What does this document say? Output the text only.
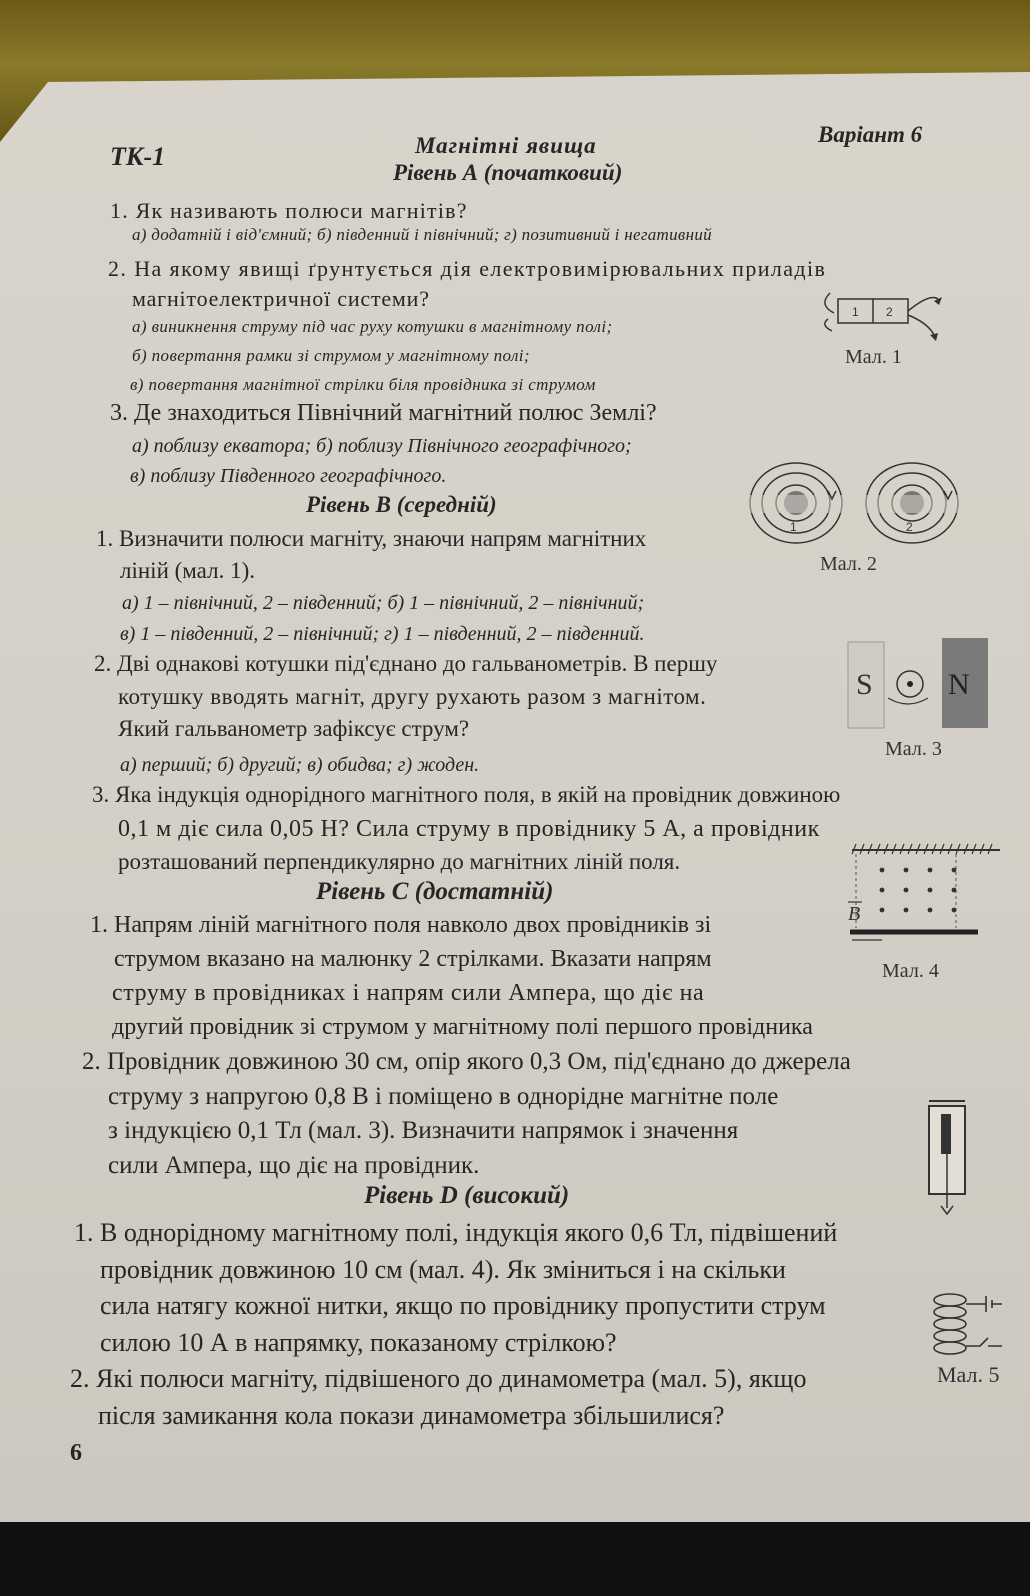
ТК-1	Магнітні явища	Варіант 6
Рівень А (початковий)
1. Як називають полюси магнітів?
а) додатній і від'ємний; б) південний і північний; г) позитивний і негативний
2. На якому явищі ґрунтується дія електровимірювальних приладів
магнітоелектричної системи?
а) виникнення струму під час руху котушки в магнітному полі;
б) повертання рамки зі струмом у магнітному полі;
в) повертання магнітної стрілки біля провідника зі струмом
3. Де знаходиться Північний магнітний полюс Землі?
а) поблизу екватора; б) поблизу Північного географічного;
в) поблизу Південного географічного.
Рівень В (середній)
1. Визначити полюси магніту, знаючи напрям магнітних
ліній (мал. 1).
а) 1 – північний, 2 – південний; б) 1 – північний, 2 – північний;
в) 1 – південний, 2 – північний; г) 1 – південний, 2 – південний.
2. Дві однакові котушки під'єднано до гальванометрів. В першу
котушку вводять магніт, другу рухають разом з магнітом.
Який гальванометр зафіксує струм?
а) перший; б) другий; в) обидва; г) жоден.
3. Яка індукція однорідного магнітного поля, в якій на провідник довжиною
0,1 м діє сила 0,05 Н? Сила струму в провіднику 5 А, а провідник
розташований перпендикулярно до магнітних ліній поля.
Рівень С (достатній)
1. Напрям ліній магнітного поля навколо двох провідників зі
струмом вказано на малюнку 2 стрілками. Вказати напрям
струму в провідниках і напрям сили Ампера, що діє на
другий провідник зі струмом у магнітному полі першого провідника
2. Провідник довжиною 30 см, опір якого 0,3 Ом, під'єднано до джерела
струму з напругою 0,8 В і поміщено в однорідне магнітне поле
з індукцією 0,1 Тл (мал. 3). Визначити напрямок і значення
сили Ампера, що діє на провідник.
Рівень D (високий)
1. В однорідному магнітному полі, індукція якого 0,6 Тл, підвішений
провідник довжиною 10 см (мал. 4). Як зміниться і на скільки
сила натягу кожної нитки, якщо по провіднику пропустити струм
силою 10 А в напрямку, показаному стрілкою?
2. Які полюси магніту, підвішеного до динамометра (мал. 5), якщо
після замикання кола покази динамометра збільшилися?
6
1 2
Мал. 1
1	2
Мал. 2
S	N
Мал. 3
B
Мал. 4
Мал. 5
